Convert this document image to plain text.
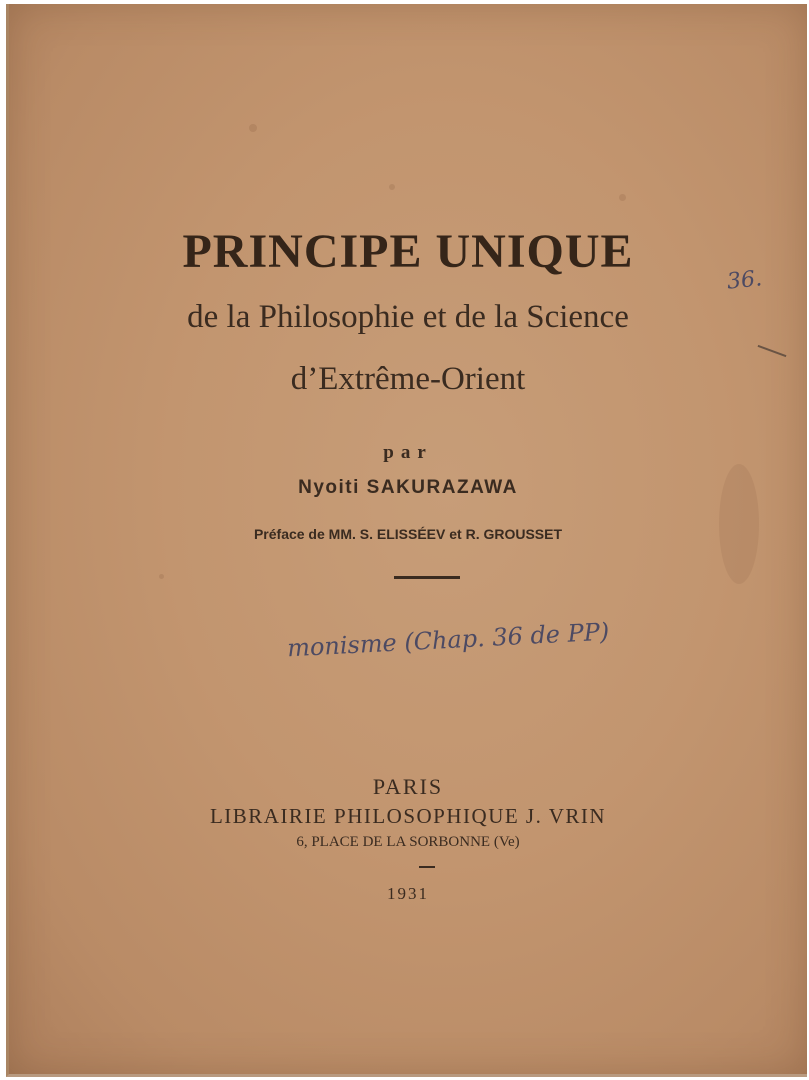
PRINCIPE UNIQUE
de la Philosophie et de la Science
d’Extrême-Orient
par
Nyoiti SAKURAZAWA
Préface de MM. S. ELISSÉEV et R. GROUSSET
36.
monisme (Chap. 36 de PP)
PARIS
LIBRAIRIE PHILOSOPHIQUE J. VRIN
6, PLACE DE LA SORBONNE (Ve)
1931
